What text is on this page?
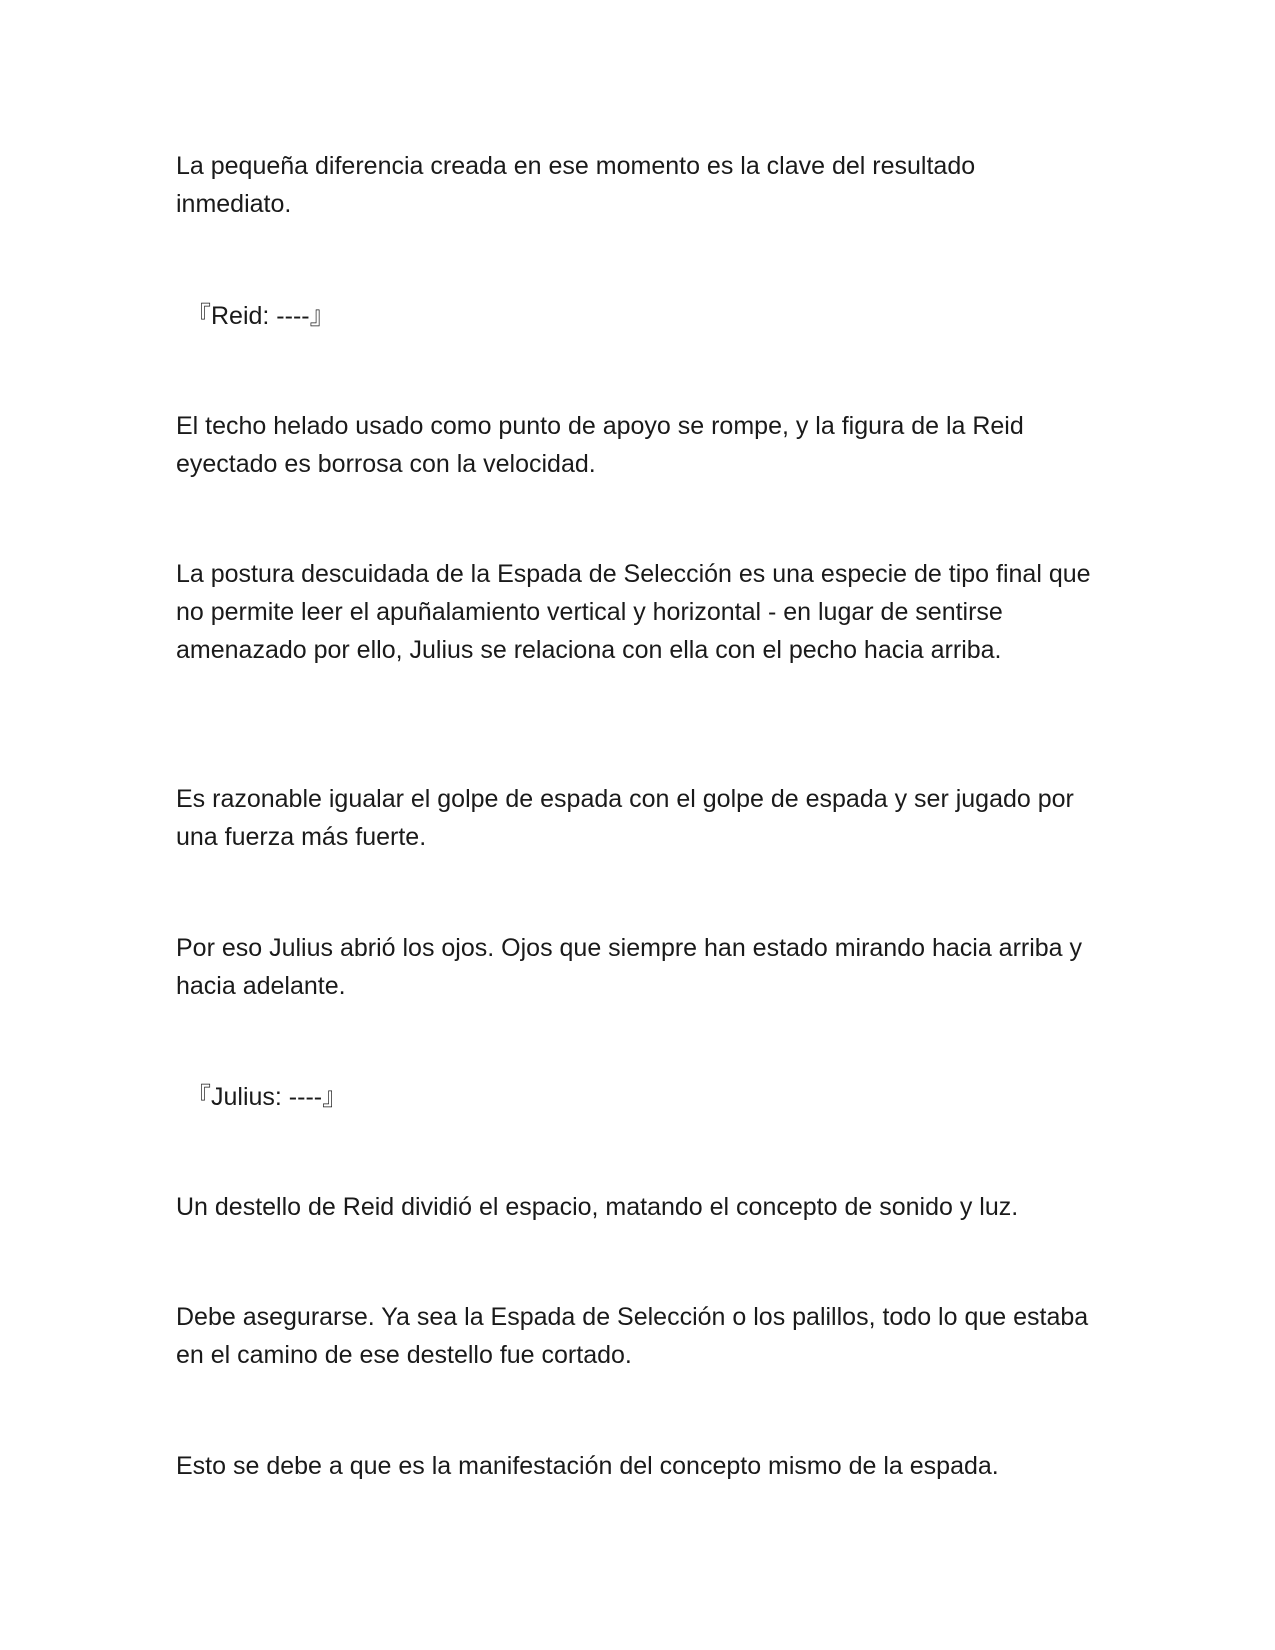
La pequeña diferencia creada en ese momento es la clave del resultado inmediato.

『Reid: ----』

El techo helado usado como punto de apoyo se rompe, y la figura de la Reid eyectado es borrosa con la velocidad.

La postura descuidada de la Espada de Selección es una especie de tipo final que no permite leer el apuñalamiento vertical y horizontal - en lugar de sentirse amenazado por ello, Julius se relaciona con ella con el pecho hacia arriba.

Es razonable igualar el golpe de espada con el golpe de espada y ser jugado por una fuerza más fuerte.

Por eso Julius abrió los ojos. Ojos que siempre han estado mirando hacia arriba y hacia adelante.

『Julius: ----』

Un destello de Reid dividió el espacio, matando el concepto de sonido y luz.

Debe asegurarse. Ya sea la Espada de Selección o los palillos, todo lo que estaba en el camino de ese destello fue cortado.

Esto se debe a que es la manifestación del concepto mismo de la espada.
